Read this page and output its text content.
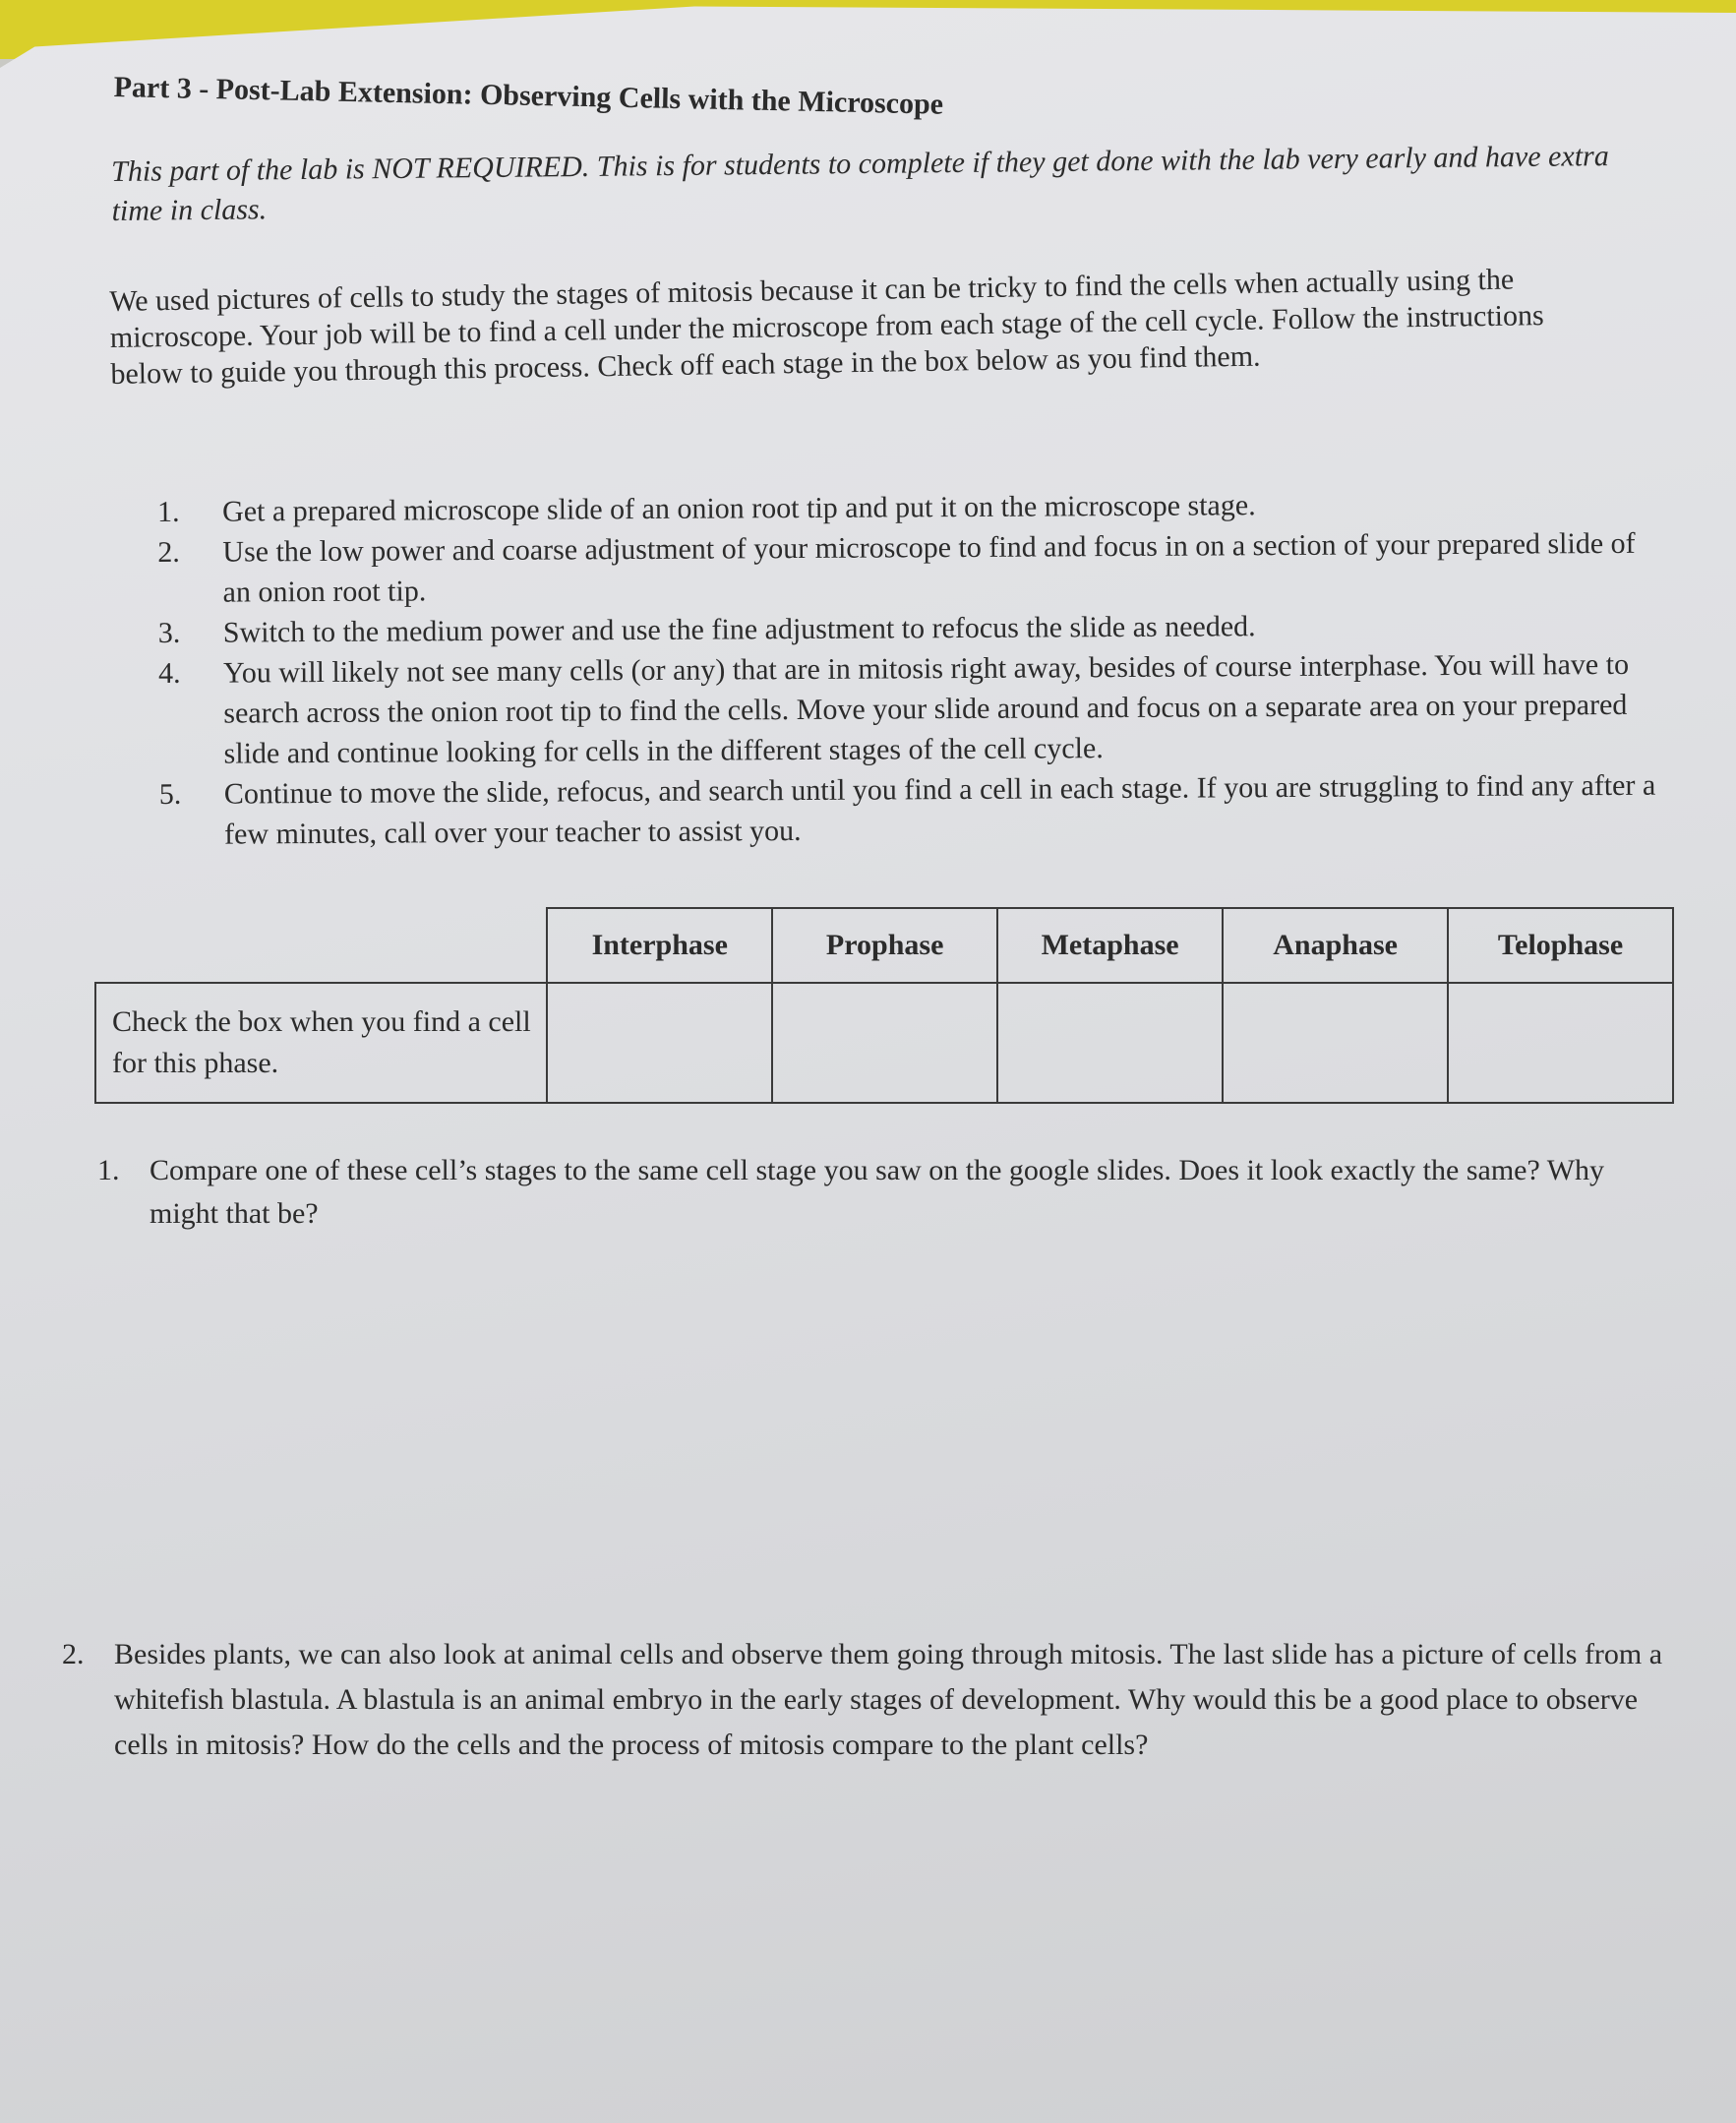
Part 3 - Post-Lab Extension: Observing Cells with the Microscope
This part of the lab is NOT REQUIRED. This is for students to complete if they get done with the lab very early and have extra time in class.
We used pictures of cells to study the stages of mitosis because it can be tricky to find the cells when actually using the microscope. Your job will be to find a cell under the microscope from each stage of the cell cycle. Follow the instructions below to guide you through this process. Check off each stage in the box below as you find them.
1. Get a prepared microscope slide of an onion root tip and put it on the microscope stage.
2. Use the low power and coarse adjustment of your microscope to find and focus in on a section of your prepared slide of an onion root tip.
3. Switch to the medium power and use the fine adjustment to refocus the slide as needed.
4. You will likely not see many cells (or any) that are in mitosis right away, besides of course interphase. You will have to search across the onion root tip to find the cells. Move your slide around and focus on a separate area on your prepared slide and continue looking for cells in the different stages of the cell cycle.
5. Continue to move the slide, refocus, and search until you find a cell in each stage. If you are struggling to find any after a few minutes, call over your teacher to assist you.
	Interphase	Prophase	Metaphase	Anaphase	Telophase
Check the box when you find a cell for this phase.					
1. Compare one of these cell’s stages to the same cell stage you saw on the google slides. Does it look exactly the same? Why might that be?
2. Besides plants, we can also look at animal cells and observe them going through mitosis. The last slide has a picture of cells from a whitefish blastula. A blastula is an animal embryo in the early stages of development. Why would this be a good place to observe cells in mitosis? How do the cells and the process of mitosis compare to the plant cells?
